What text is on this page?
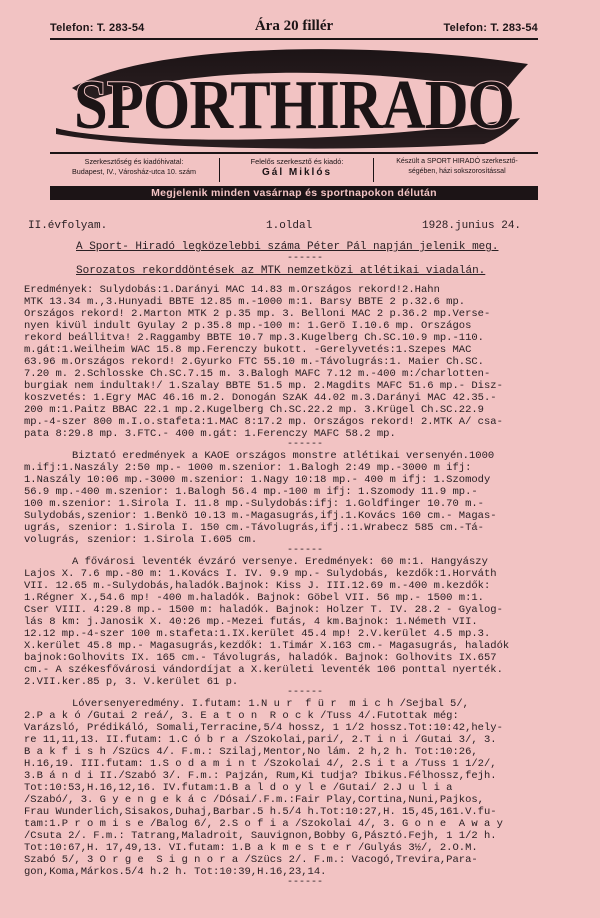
Telefon: T. 283-54	Ára 20 fillér	Telefon: T. 283-54
SPORTHIRADO
Szerkesztőség és kiadóhivatal:
Budapest, IV., Városház-utca 10. szám
Felelős szerkesztő és kiadó:
Gál Miklós
Készült a SPORT HIRADÓ szerkesztő-
ségében, házi sokszorosítással
Megjelenik minden vasárnap és sportnapokon délután
II.évfolyam.	1.oldal	1928.junius 24.
A Sport- Hiradó legközelebbi száma Péter Pál napján jelenik meg.
------
Sorozatos rekorddöntések az MTK nemzetközi atlétikai viadalán.
Eredmények: Sulydobás:1.Darányi MAC 14.83 m.Országos rekord!2.Hahn
MTK 13.34 m.,3.Hunyadi BBTE 12.85 m.-1000 m:1. Barsy BBTE 2 p.32.6 mp.
Országos rekord! 2.Marton MTK 2 p.35 mp. 3. Belloni MAC 2 p.36.2 mp.Verse-
nyen kivül indult Gyulay 2 p.35.8 mp.-100 m: 1.Gerö I.10.6 mp. Országos
rekord beállitva! 2.Raggamby BBTE 10.7 mp.3.Kugelberg Ch.SC.10.9 mp.-110.
m.gát:1.Weilheim WAC 15.8 mp.Ferenczy bukott. -Gerelyvetés:1.Szepes MAC
63.96 m.Országos rekord! 2.Gyurko FTC 55.10 m.-Távolugrás:1. Maier Ch.SC.
7.20 m. 2.Schlosske Ch.SC.7.15 m. 3.Balogh MAFC 7.12 m.-400 m:/charlotten-
burgiak nem indultak!/ 1.Szalay BBTE 51.5 mp. 2.Magdits MAFC 51.6 mp.- Disz-
koszvetés: 1.Egry MAC 46.16 m.2. Donogán SzAK 44.02 m.3.Darányi MAC 42.35.-
200 m:1.Paitz BBAC 22.1 mp.2.Kugelberg Ch.SC.22.2 mp. 3.Krügel Ch.SC.22.9
mp.-4-szer 800 m.I.o.stafeta:1.MAC 8:17.2 mp. Országos rekord! 2.MTK A/ csa-
pata 8:29.8 mp. 3.FTC.- 400 m.gát: 1.Ferenczy MAFC 58.2 mp.
------
Biztató eredmények a KAOE országos monstre atlétikai versenyén.1000
m.ifj:1.Naszály 2:50 mp.- 1000 m.szenior: 1.Balogh 2:49 mp.-3000 m ifj:
1.Naszály 10:06 mp.-3000 m.szenior: 1.Nagy 10:18 mp.- 400 m ifj: 1.Szomody
56.9 mp.-400 m.szenior: 1.Balogh 56.4 mp.-100 m ifj: 1.Szomody 11.9 mp.-
100 m.szenior: 1.Sirola I. 11.8 mp.-Sulydobás:ifj: 1.Goldfinger 10.70 m.-
Sulydobás,szenior: 1.Benkö 10.13 m.-Magasugrás,ifj.1.Kovács 160 cm.- Magas-
ugrás, szenior: 1.Sirola I. 150 cm.-Távolugrás,ifj.:1.Wrabecz 585 cm.-Tá-
volugrás, szenior: 1.Sirola I.605 cm.
------
A fővárosi leventék évzáró versenye. Eredmények: 60 m:1. Hangyászy
Lajos X. 7.6 mp.-80 m: 1.Kovács I. IV. 9.9 mp.- Sulydobás, kezdők:1.Horváth
VII. 12.65 m.-Sulydobás,haladók.Bajnok: Kiss J. III.12.69 m.-400 m.kezdők:
1.Régner X.,54.6 mp! -400 m.haladók. Bajnok: Göbel VII. 56 mp.- 1500 m:1.
Cser VIII. 4:29.8 mp.- 1500 m: haladók. Bajnok: Holzer T. IV. 28.2 - Gyalog-
lás 8 km: j.Janosik X. 40:26 mp.-Mezei futás, 4 km.Bajnok: 1.Németh VII.
12.12 mp.-4-szer 100 m.stafeta:1.IX.kerület 45.4 mp! 2.V.kerület 4.5 mp.3.
X.kerület 45.8 mp.- Magasugrás,kezdők: 1.Timár X.163 cm.- Magasugrás, haladók
bajnok:Golhovits IX. 165 cm.- Távolugrás, haladók. Bajnok: Golhovits IX.657
cm.- A székesfővárosi vándordíjat a X.kerületi leventék 106 ponttal nyerték.
2.VII.ker.85 p, 3. V.kerület 61 p.
------
Lóversenyeredmény. I.futam: 1.N u r  f ü r  m i c h /Sejbal 5/,
2.P a k ó /Gutai 2 reá/, 3. E a t o n  R o c k /Tuss 4/.Futottak még:
Varázsló, Prédikáló, Somali,Terracine,5/4 hossz, 1 1/2 hossz.Tot:10:42,hely-
re 11,11,13. II.futam: 1.C ó b r a /Szokolai,pari/, 2.T i n i /Gutai 3/, 3.
B a k f i s h /Szücs 4/. F.m.: Szilaj,Mentor,No lám. 2 h,2 h. Tot:10:26,
H.16,19. III.futam: 1.S o d a m i n t /Szokolai 4/, 2.S i t a /Tuss 1 1/2/,
3.B á n d i II./Szabó 3/. F.m.: Pajzán, Rum,Ki tudja? Ibikus.Félhossz,fejh.
Tot:10:53,H.16,12,16. IV.futam:1.B a l d o y l e /Gutai/ 2.J u l i a
/Szabó/, 3. G y e n g e k á c /Dósai/.F.m.:Fair Play,Cortina,Nuni,Pajkos,
Frau Wunderlich,Sisakos,Duhaj,Barbar.5 h.5/4 h.Tot:10:27,H. 15,45,161.V.fu-
tam:1.P r o m i s e /Balog 6/, 2.S o f i a /Szokolai 4/, 3. G o n e  A w a y
/Csuta 2/. F.m.: Tatrang,Maladroit, Sauvignon,Bobby G,Pásztó.Fejh, 1 1/2 h.
Tot:10:67,H. 17,49,13. VI.futam: 1.B a k m e s t e r /Gulyás 3½/, 2.O.M.
Szabó 5/, 3 O r g e  S i g n o r a /Szücs 2/. F.m.: Vacogó,Trevira,Para-
gon,Koma,Márkos.5/4 h.2 h. Tot:10:39,H.16,23,14.
------
